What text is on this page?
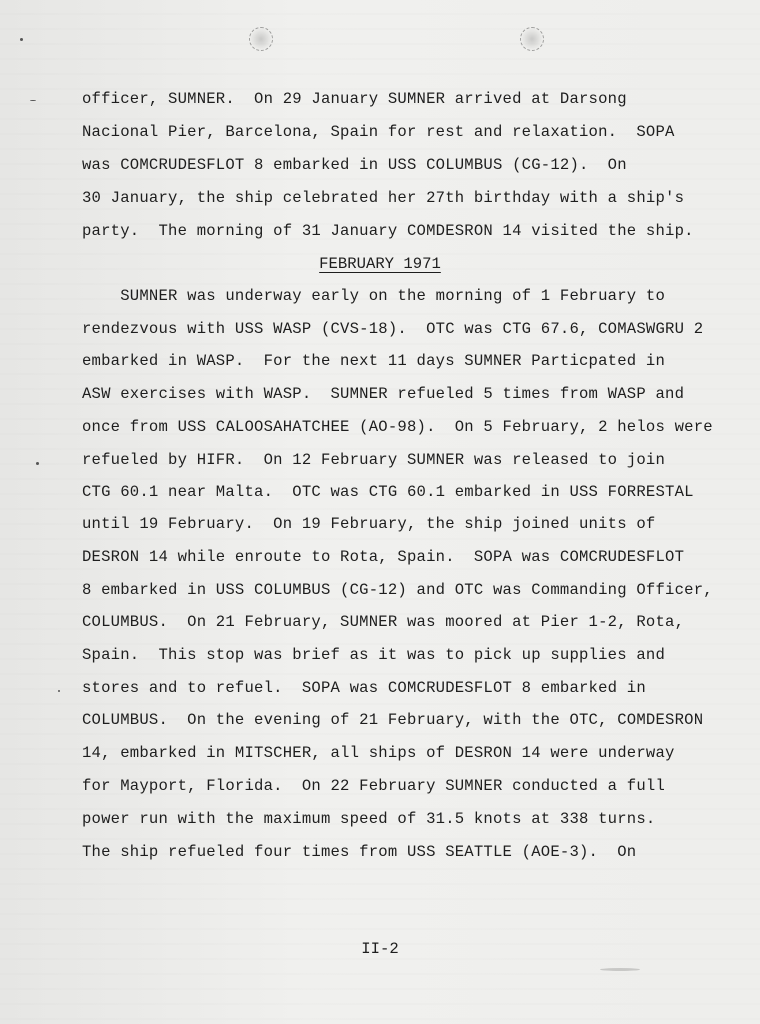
officer, SUMNER.  On 29 January SUMNER arrived at Darsong
Nacional Pier, Barcelona, Spain for rest and relaxation.  SOPA
was COMCRUDESFLOT 8 embarked in USS COLUMBUS (CG-12).  On
30 January, the ship celebrated her 27th birthday with a ship's
party.  The morning of 31 January COMDESRON 14 visited the ship.
FEBRUARY 1971
SUMNER was underway early on the morning of 1 February to
rendezvous with USS WASP (CVS-18).  OTC was CTG 67.6, COMASWGRU 2
embarked in WASP.  For the next 11 days SUMNER Particpated in
ASW exercises with WASP.  SUMNER refueled 5 times from WASP and
once from USS CALOOSAHATCHEE (AO-98).  On 5 February, 2 helos were
refueled by HIFR.  On 12 February SUMNER was released to join
CTG 60.1 near Malta.  OTC was CTG 60.1 embarked in USS FORRESTAL
until 19 February.  On 19 February, the ship joined units of
DESRON 14 while enroute to Rota, Spain.  SOPA was COMCRUDESFLOT
8 embarked in USS COLUMBUS (CG-12) and OTC was Commanding Officer,
COLUMBUS.  On 21 February, SUMNER was moored at Pier 1-2, Rota,
Spain.  This stop was brief as it was to pick up supplies and
stores and to refuel.  SOPA was COMCRUDESFLOT 8 embarked in
COLUMBUS.  On the evening of 21 February, with the OTC, COMDESRON
14, embarked in MITSCHER, all ships of DESRON 14 were underway
for Mayport, Florida.  On 22 February SUMNER conducted a full
power run with the maximum speed of 31.5 knots at 338 turns.
The ship refueled four times from USS SEATTLE (AOE-3).  On
II-2
